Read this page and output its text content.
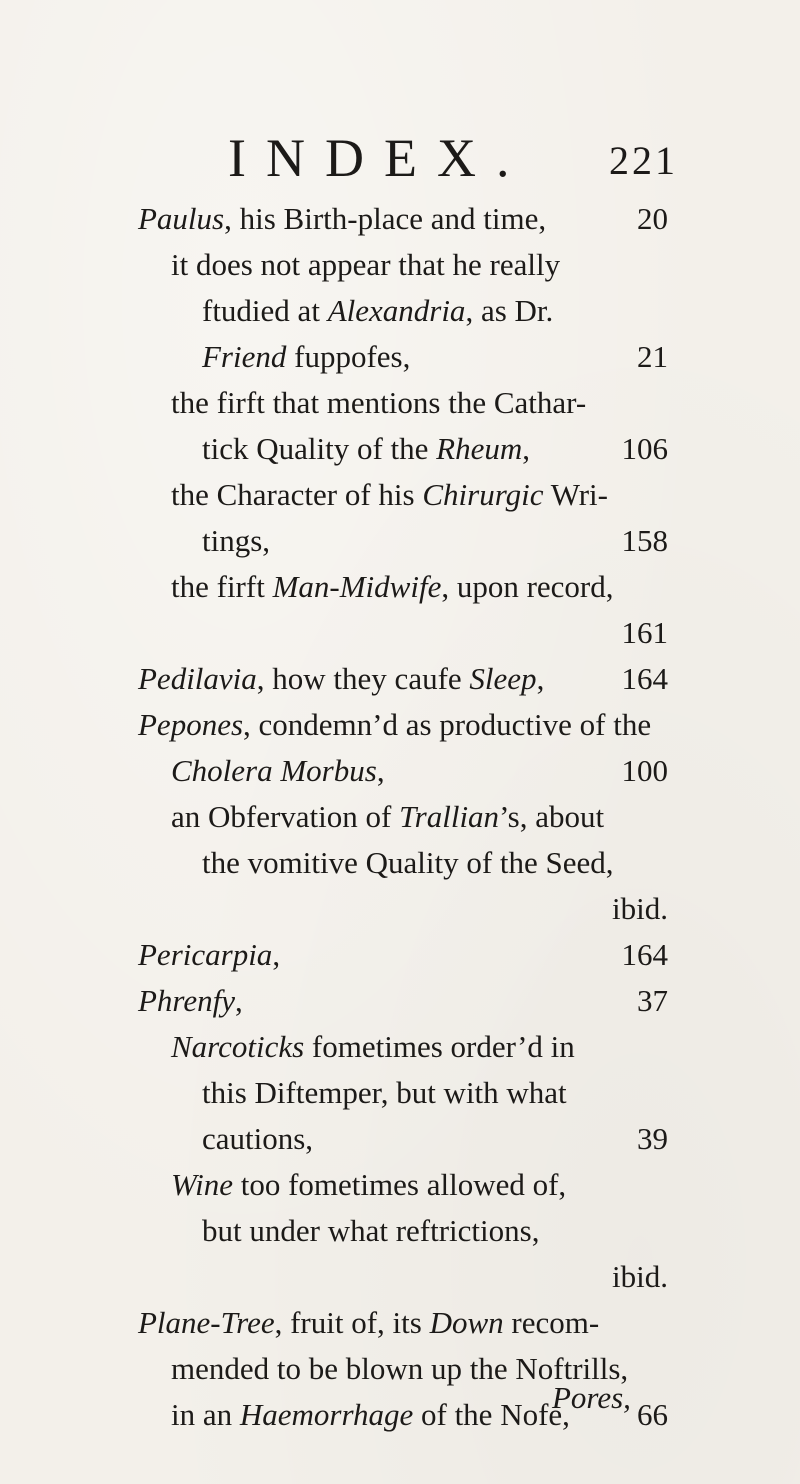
INDEX. 221
Paulus, his Birth-place and time,	20
it does not appear that he really
ftudied at Alexandria, as Dr.
Friend fuppofes,	21
the firft that mentions the Cathar-
tick Quality of the Rheum,	106
the Character of his Chirurgic Wri-
tings,	158
the firft Man-Midwife, upon record,
161
Pedilavia, how they caufe Sleep, 164
Pepones, condemn’d as productive of the
Cholera Morbus,	100
an Obfervation of Trallian’s, about
the vomitive Quality of the Seed,
ibid.
Pericarpia,	164
Phrenfy,	37
Narcoticks fometimes order’d in
this Diftemper, but with what
cautions,	39
Wine too fometimes allowed of,
but under what reftrictions,
ibid.
Plane-Tree, fruit of, its Down recom-
mended to be blown up the Noftrills,
in an Haemorrhage of the Nofe, 66
Pores,
